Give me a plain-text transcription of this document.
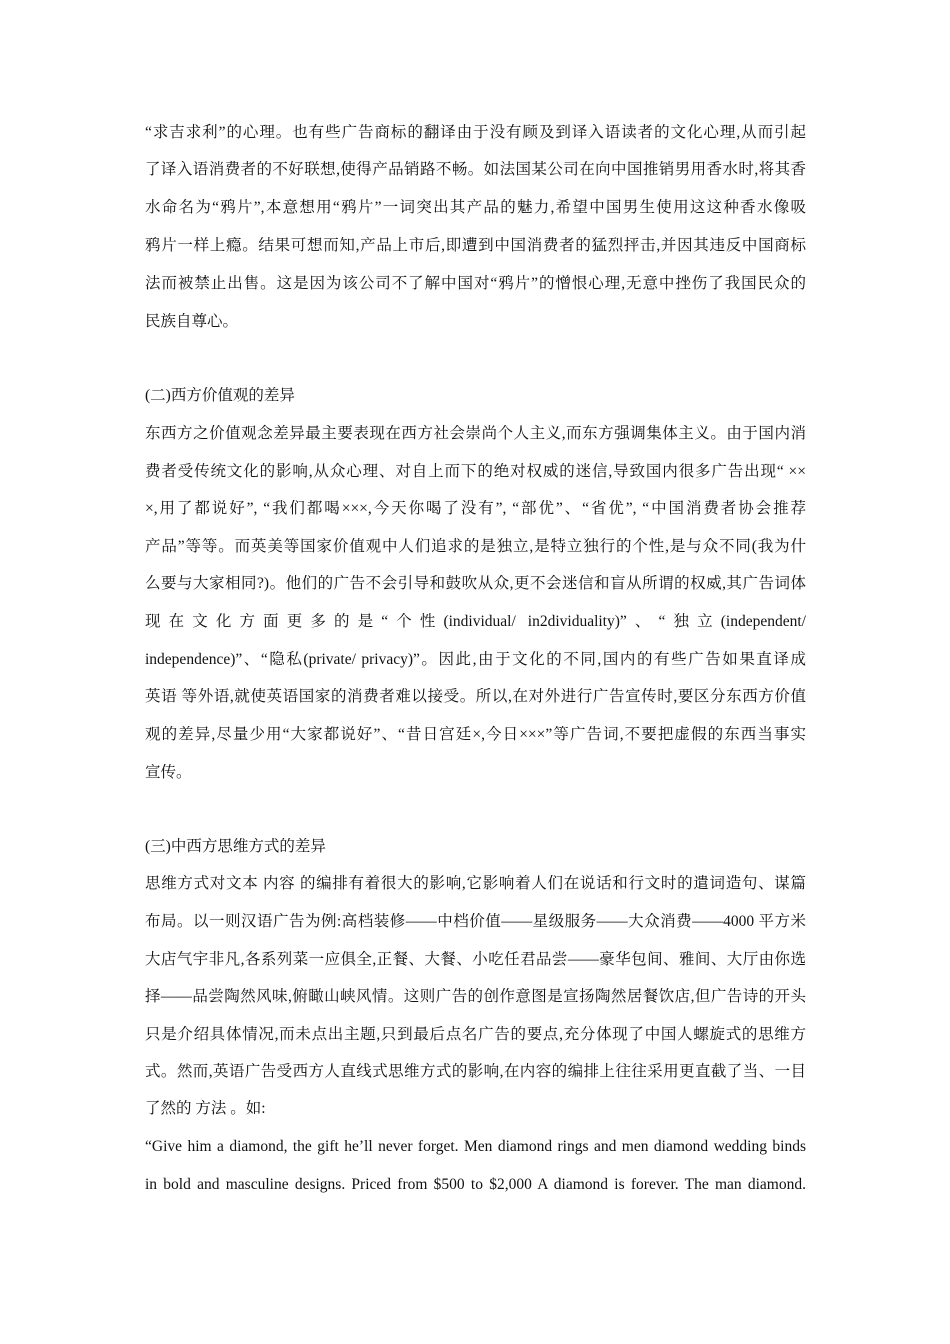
“求吉求利”的心理。也有些广告商标的翻译由于没有顾及到译入语读者的文化心理,从而引起
了译入语消费者的不好联想,使得产品销路不畅。如法国某公司在向中国推销男用香水时,将其香
水命名为“鸦片”,本意想用“鸦片”一词突出其产品的魅力,希望中国男生使用这这种香水像吸
鸦片一样上瘾。结果可想而知,产品上市后,即遭到中国消费者的猛烈抨击,并因其违反中国商标
法而被禁止出售。这是因为该公司不了解中国对“鸦片”的憎恨心理,无意中挫伤了我国民众的
民族自尊心。
(二)西方价值观的差异
东西方之价值观念差异最主要表现在西方社会崇尚个人主义,而东方强调集体主义。由于国内消
费者受传统文化的影响,从众心理、对自上而下的绝对权威的迷信,导致国内很多广告出现“ ××
×,用了都说好”, “我们都喝×××,今天你喝了没有”, “部优”、“省优”, “中国消费者协会推荐
产品”等等。而英美等国家价值观中人们追求的是独立,是特立独行的个性,是与众不同(我为什
么要与大家相同?)。他们的广告不会引导和鼓吹从众,更不会迷信和盲从所谓的权威,其广告词体
现在文化方面更多的是“个性(individual/ in2dividuality)”、“独立(independent/
independence)”、“隐私(private/ privacy)”。因此,由于文化的不同,国内的有些广告如果直译成
英语 等外语,就使英语国家的消费者难以接受。所以,在对外进行广告宣传时,要区分东西方价值
观的差异,尽量少用“大家都说好”、“昔日宫廷×,今日×××”等广告词,不要把虚假的东西当事实
宣传。
(三)中西方思维方式的差异
思维方式对文本 内容 的编排有着很大的影响,它影响着人们在说话和行文时的遣词造句、谋篇
布局。以一则汉语广告为例:高档装修——中档价值——星级服务——大众消费——4000 平方米
大店气宇非凡,各系列菜一应俱全,正餐、大餐、小吃任君品尝——豪华包间、雅间、大厅由你选
择——品尝陶然风味,俯瞰山峡风情。这则广告的创作意图是宣扬陶然居餐饮店,但广告诗的开头
只是介绍具体情况,而未点出主题,只到最后点名广告的要点,充分体现了中国人螺旋式的思维方
式。然而,英语广告受西方人直线式思维方式的影响,在内容的编排上往往采用更直截了当、一目
了然的 方法 。如:
“Give him a diamond, the gift he’ll never forget. Men diamond rings and men diamond wedding binds
in bold and masculine designs. Priced from $500 to $2,000 A diamond is forever. The man diamond.
